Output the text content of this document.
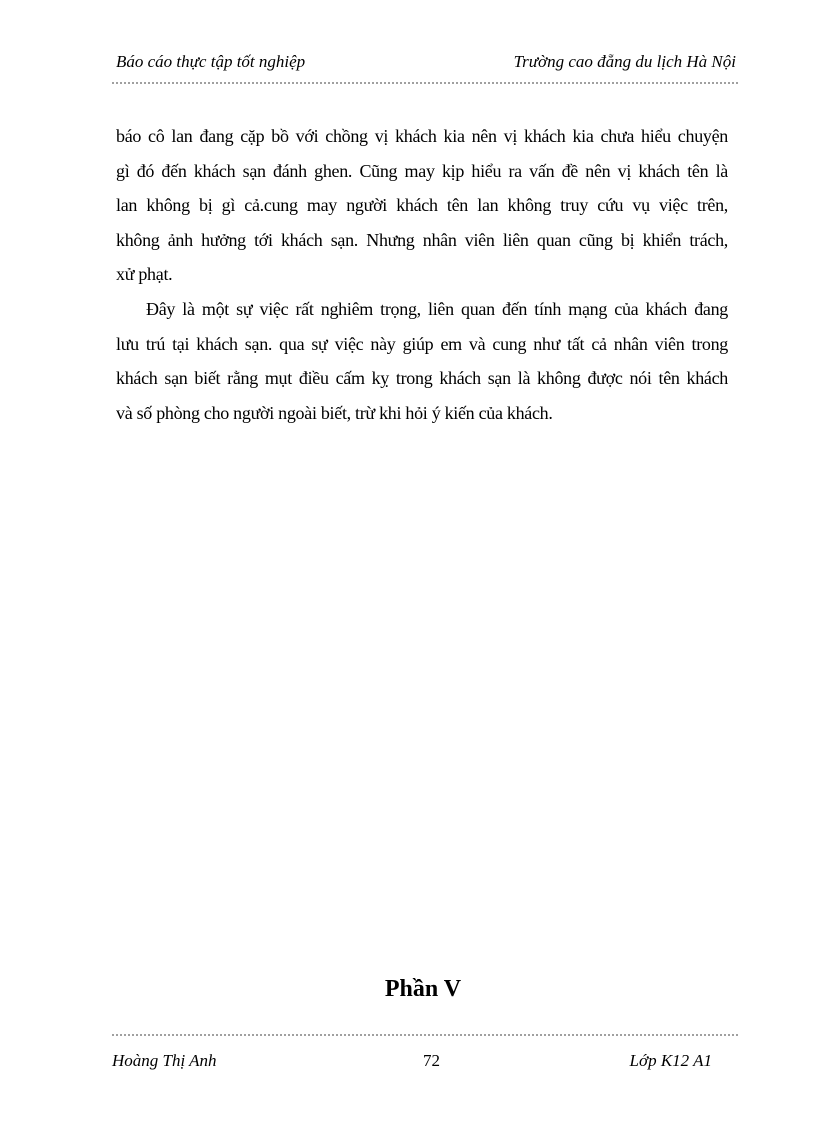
Báo cáo thực tập tốt nghiệp	Trường cao đẵng du lịch Hà Nội
báo cô lan đang cặp bồ với chồng vị khách kia nên vị khách kia chưa hiểu chuyện
gì đó đến khách sạn đánh ghen. Cũng may kịp hiểu ra vấn đề nên vị khách tên là
lan không bị gì cả.cung may người khách tên lan không truy cứu vụ việc trên,
không ảnh hưởng tới khách sạn. Nhưng nhân viên liên quan cũng bị khiển trách,
xử phạt.
Đây là một sự việc rất nghiêm trọng, liên quan đến tính mạng của khách đang
lưu trú tại khách sạn. qua sự việc này giúp em và cung như tất cả nhân viên trong
khách sạn biết rằng mụt điều cấm kỵ trong khách sạn là không được nói tên khách
và số phòng cho người ngoài biết, trừ khi hỏi ý kiến của khách.
Phần V
Hoàng Thị Anh	72	Lớp K12 A1
